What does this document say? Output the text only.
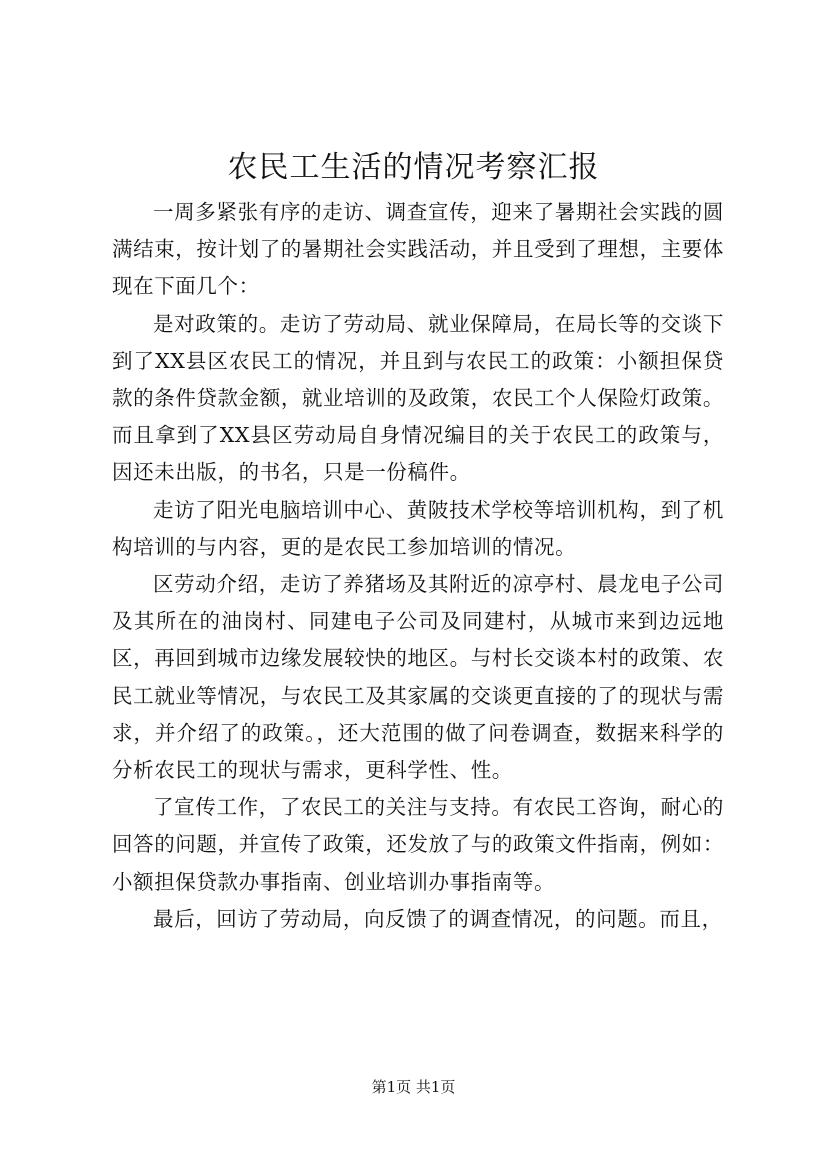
农民工生活的情况考察汇报

一周多紧张有序的走访、调查宣传，迎来了暑期社会实践的圆满结束，按计划了的暑期社会实践活动，并且受到了理想，主要体现在下面几个：

是对政策的。走访了劳动局、就业保障局，在局长等的交谈下到了XX县区农民工的情况，并且到与农民工的政策：小额担保贷款的条件贷款金额，就业培训的及政策，农民工个人保险灯政策。而且拿到了XX县区劳动局自身情况编目的关于农民工的政策与，因还未出版，的书名，只是一份稿件。

走访了阳光电脑培训中心、黄陂技术学校等培训机构，到了机构培训的与内容，更的是农民工参加培训的情况。

区劳动介绍，走访了养猪场及其附近的凉亭村、晨龙电子公司及其所在的油岗村、同建电子公司及同建村，从城市来到边远地区，再回到城市边缘发展较快的地区。与村长交谈本村的政策、农民工就业等情况，与农民工及其家属的交谈更直接的了的现状与需求，并介绍了的政策。，还大范围的做了问卷调查，数据来科学的分析农民工的现状与需求，更科学性、性。

了宣传工作，了农民工的关注与支持。有农民工咨询，耐心的回答的问题，并宣传了政策，还发放了与的政策文件指南，例如：小额担保贷款办事指南、创业培训办事指南等。

最后，回访了劳动局，向反馈了的调查情况，的问题。而且，

第1页 共1页
